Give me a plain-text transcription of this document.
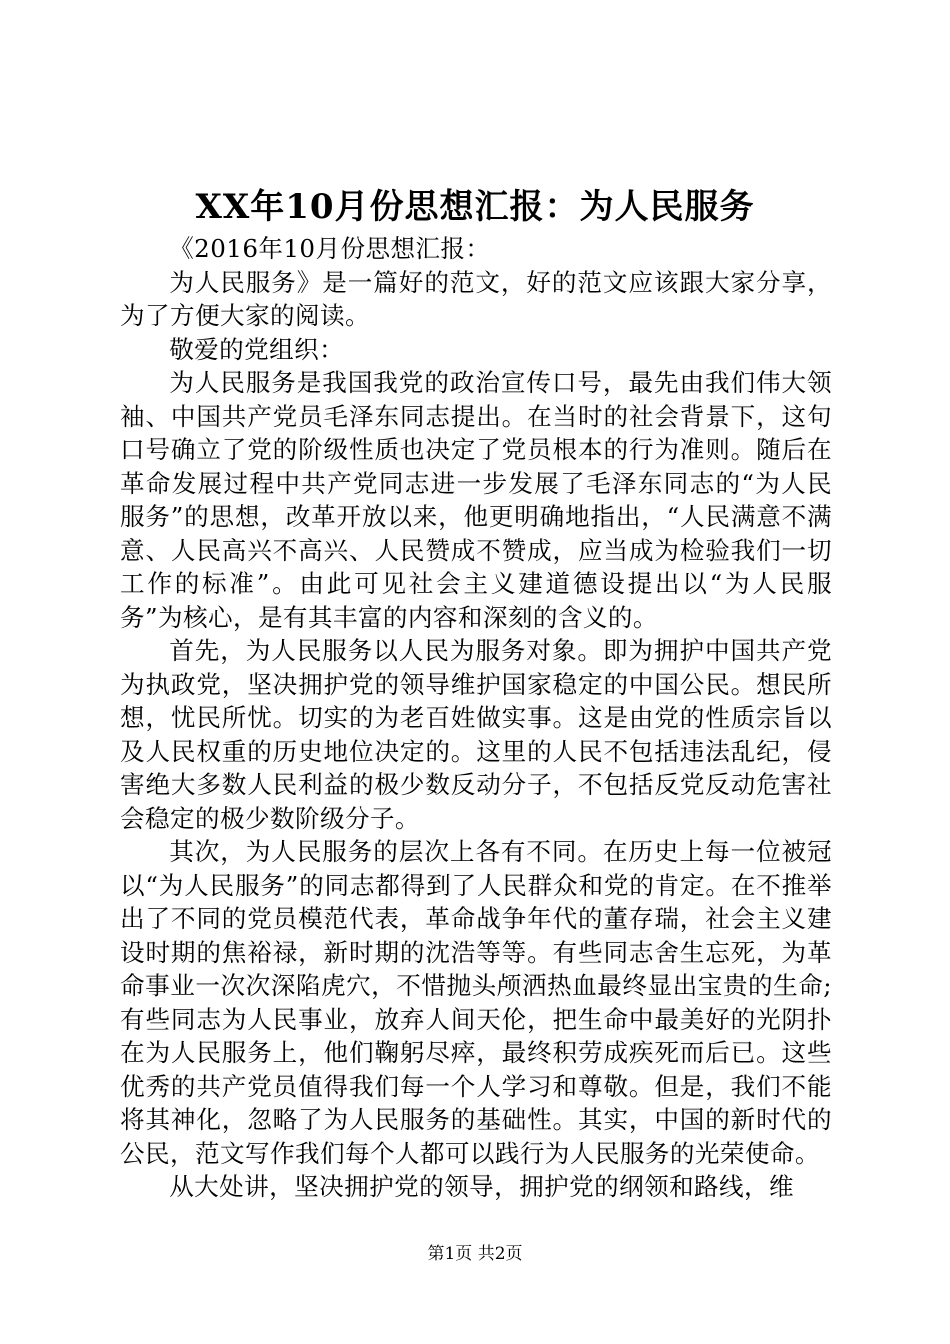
XX年10月份思想汇报：为人民服务

《2016年10月份思想汇报：

为人民服务》是一篇好的范文，好的范文应该跟大家分享，为了方便大家的阅读。

敬爱的党组织：

为人民服务是我国我党的政治宣传口号，最先由我们伟大领袖、中国共产党员毛泽东同志提出。在当时的社会背景下，这句口号确立了党的阶级性质也决定了党员根本的行为准则。随后在革命发展过程中共产党同志进一步发展了毛泽东同志的“为人民服务”的思想，改革开放以来，他更明确地指出，“人民满意不满意、人民高兴不高兴、人民赞成不赞成，应当成为检验我们一切工作的标准”。由此可见社会主义建道德设提出以“为人民服务”为核心，是有其丰富的内容和深刻的含义的。

首先，为人民服务以人民为服务对象。即为拥护中国共产党为执政党，坚决拥护党的领导维护国家稳定的中国公民。想民所想，忧民所忧。切实的为老百姓做实事。这是由党的性质宗旨以及人民权重的历史地位决定的。这里的人民不包括违法乱纪，侵害绝大多数人民利益的极少数反动分子，不包括反党反动危害社会稳定的极少数阶级分子。

其次，为人民服务的层次上各有不同。在历史上每一位被冠以“为人民服务”的同志都得到了人民群众和党的肯定。在不推举出了不同的党员模范代表，革命战争年代的董存瑞，社会主义建设时期的焦裕禄，新时期的沈浩等等。有些同志舍生忘死，为革命事业一次次深陷虎穴，不惜抛头颅洒热血最终显出宝贵的生命;有些同志为人民事业，放弃人间天伦，把生命中最美好的光阴扑在为人民服务上，他们鞠躬尽瘁，最终积劳成疾死而后已。这些优秀的共产党员值得我们每一个人学习和尊敬。但是，我们不能将其神化，忽略了为人民服务的基础性。其实，中国的新时代的公民，范文写作我们每个人都可以践行为人民服务的光荣使命。

从大处讲，坚决拥护党的领导，拥护党的纲领和路线，维

第1页 共2页
